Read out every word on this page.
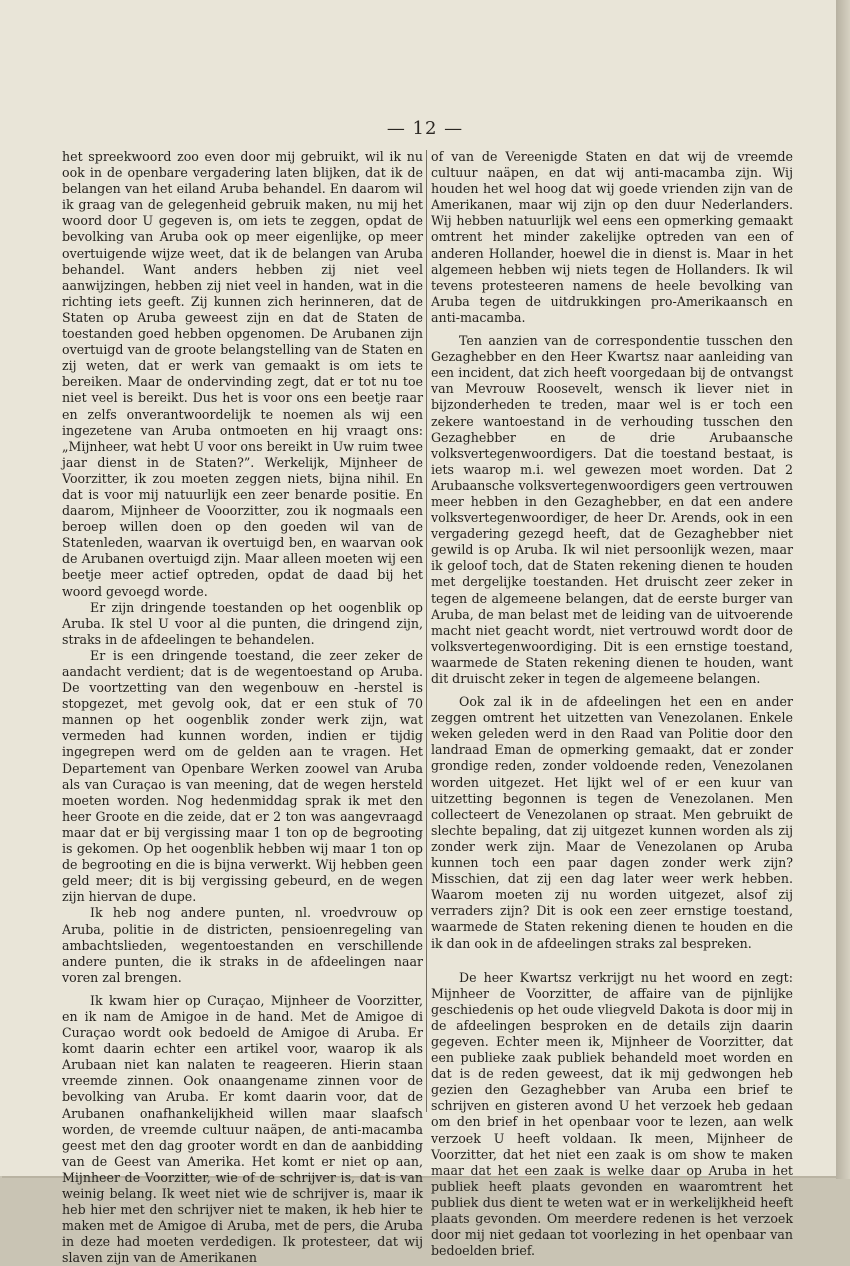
— 12 —

het spreekwoord zoo even door mij gebruikt, wil ik nu ook in de openbare vergadering laten blijken, dat ik de belangen van het eiland Aruba behandel. En daarom wil ik graag van de gelegenheid gebruik maken, nu mij het woord door U gegeven is, om iets te zeggen, opdat de bevolking van Aruba ook op meer eigenlijke, op meer overtuigende wijze weet, dat ik de belangen van Aruba behandel. Want anders hebben zij niet veel aanwijzingen, hebben zij niet veel in handen, wat in die richting iets geeft. Zij kunnen zich herinneren, dat de Staten op Aruba geweest zijn en dat de Staten de toestanden goed hebben opgenomen. De Arubanen zijn overtuigd van de groote belangstelling van de Staten en zij weten, dat er werk van gemaakt is om iets te bereiken. Maar de ondervinding zegt, dat er tot nu toe niet veel is bereikt. Dus het is voor ons een beetje raar en zelfs onverantwoordelijk te noemen als wij een ingezetene van Aruba ontmoeten en hij vraagt ons: „Mijnheer, wat hebt U voor ons bereikt in Uw ruim twee jaar dienst in de Staten?”. Werkelijk, Mijnheer de Voorzitter, ik zou moeten zeggen niets, bijna nihil. En dat is voor mij natuurlijk een zeer benarde positie. En daarom, Mijnheer de Vooorzitter, zou ik nogmaals een beroep willen doen op den goeden wil van de Statenleden, waarvan ik overtuigd ben, en waarvan ook de Arubanen overtuigd zijn. Maar alleen moeten wij een beetje meer actief optreden, opdat de daad bij het woord gevoegd worde.

Er zijn dringende toestanden op het oogenblik op Aruba. Ik stel U voor al die punten, die dringend zijn, straks in de afdeelingen te behandelen.

Er is een dringende toestand, die zeer zeker de aandacht verdient; dat is de wegentoestand op Aruba. De voortzetting van den wegenbouw en -herstel is stopgezet, met gevolg ook, dat er een stuk of 70 mannen op het oogenblik zonder werk zijn, wat vermeden had kunnen worden, indien er tijdig ingegrepen werd om de gelden aan te vragen. Het Departement van Openbare Werken zoowel van Aruba als van Curaçao is van meening, dat de wegen hersteld moeten worden. Nog hedenmiddag sprak ik met den heer Groote en die zeide, dat er 2 ton was aangevraagd maar dat er bij vergissing maar 1 ton op de begrooting is gekomen. Op het oogenblik hebben wij maar 1 ton op de begrooting en die is bijna verwerkt. Wij hebben geen geld meer; dit is bij vergissing gebeurd, en de wegen zijn hiervan de dupe.

Ik heb nog andere punten, nl. vroedvrouw op Aruba, politie in de districten, pensioenregeling van ambachtslieden, wegentoestanden en verschillende andere punten, die ik straks in de afdeelingen naar voren zal brengen.

Ik kwam hier op Curaçao, Mijnheer de Voorzitter, en ik nam de Amigoe in de hand. Met de Amigoe di Curaçao wordt ook bedoeld de Amigoe di Aruba. Er komt daarin echter een artikel voor, waarop ik als Arubaan niet kan nalaten te reageeren. Hierin staan vreemde zinnen. Ook onaangename zinnen voor de bevolking van Aruba. Er komt daarin voor, dat de Arubanen onafhankelijkheid willen maar slaafsch worden, de vreemde cultuur naäpen, de anti-macamba geest met den dag grooter wordt en dan de aanbidding van de Geest van Amerika. Het komt er niet op aan, Mijnheer de Voorzitter, wie of de schrijver is, dat is van weinig belang. Ik weet niet wie de schrijver is, maar ik heb hier met den schrijver niet te maken, ik heb hier te maken met de Amigoe di Aruba, met de pers, die Aruba in deze had moeten verdedigen. Ik protesteer, dat wij slaven zijn van de Amerikanen

of van de Vereenigde Staten en dat wij de vreemde cultuur naäpen, en dat wij anti-macamba zijn. Wij houden het wel hoog dat wij goede vrienden zijn van de Amerikanen, maar wij zijn op den duur Nederlanders. Wij hebben natuurlijk wel eens een opmerking gemaakt omtrent het minder zakelijke optreden van een of anderen Hollander, hoewel die in dienst is. Maar in het algemeen hebben wij niets tegen de Hollanders. Ik wil tevens protesteeren namens de heele bevolking van Aruba tegen de uitdrukkingen pro-Amerikaansch en anti-macamba.

Ten aanzien van de correspondentie tusschen den Gezaghebber en den Heer Kwartsz naar aanleiding van een incident, dat zich heeft voorgedaan bij de ontvangst van Mevrouw Roosevelt, wensch ik liever niet in bijzonderheden te treden, maar wel is er toch een zekere wantoestand in de verhouding tusschen den Gezaghebber en de drie Arubaansche volksvertegenwoordigers. Dat die toestand bestaat, is iets waarop m.i. wel gewezen moet worden. Dat 2 Arubaansche volksvertegenwoordigers geen vertrouwen meer hebben in den Gezaghebber, en dat een andere volksvertegenwoordiger, de heer Dr. Arends, ook in een vergadering gezegd heeft, dat de Gezaghebber niet gewild is op Aruba. Ik wil niet persoonlijk wezen, maar ik geloof toch, dat de Staten rekening dienen te houden met dergelijke toestanden. Het druischt zeer zeker in tegen de algemeene belangen, dat de eerste burger van Aruba, de man belast met de leiding van de uitvoerende macht niet geacht wordt, niet vertrouwd wordt door de volksvertegenwoordiging. Dit is een ernstige toestand, waarmede de Staten rekening dienen te houden, want dit druischt zeker in tegen de algemeene belangen.

Ook zal ik in de afdeelingen het een en ander zeggen omtrent het uitzetten van Venezolanen. Enkele weken geleden werd in den Raad van Politie door den landraad Eman de opmerking gemaakt, dat er zonder grondige reden, zonder voldoende reden, Venezolanen worden uitgezet. Het lijkt wel of er een kuur van uitzetting begonnen is tegen de Venezolanen. Men collecteert de Venezolanen op straat. Men gebruikt de slechte bepaling, dat zij uitgezet kunnen worden als zij zonder werk zijn. Maar de Venezolanen op Aruba kunnen toch een paar dagen zonder werk zijn? Misschien, dat zij een dag later weer werk hebben. Waarom moeten zij nu worden uitgezet, alsof zij verraders zijn? Dit is ook een zeer ernstige toestand, waarmede de Staten rekening dienen te houden en die ik dan ook in de afdeelingen straks zal bespreken.

De heer Kwartsz verkrijgt nu het woord en zegt: Mijnheer de Voorzitter, de affaire van de pijnlijke geschiedenis op het oude vliegveld Dakota is door mij in de afdeelingen besproken en de details zijn daarin gegeven. Echter meen ik, Mijnheer de Voorzitter, dat een publieke zaak publiek behandeld moet worden en dat is de reden geweest, dat ik mij gedwongen heb gezien den Gezaghebber van Aruba een brief te schrijven en gisteren avond U het verzoek heb gedaan om den brief in het openbaar voor te lezen, aan welk verzoek U heeft voldaan. Ik meen, Mijnheer de Voorzitter, dat het niet een zaak is om show te maken maar dat het een zaak is welke daar op Aruba in het publiek heeft plaats gevonden en waaromtrent het publiek dus dient te weten wat er in werkelijkheid heeft plaats gevonden. Om meerdere redenen is het verzoek door mij niet gedaan tot voorlezing in het openbaar van bedoelden brief.
